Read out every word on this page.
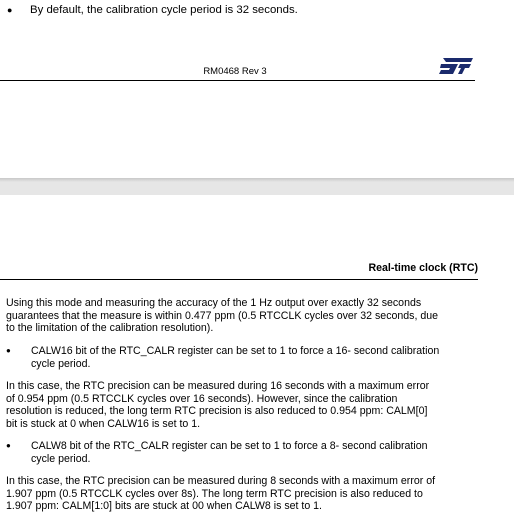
● By default, the calibration cycle period is 32 seconds.
RM0468 Rev 3
Real-time clock (RTC)
Using this mode and measuring the accuracy of the 1 Hz output over exactly 32 seconds
guarantees that the measure is within 0.477 ppm (0.5 RTCCLK cycles over 32 seconds, due
to the limitation of the calibration resolution).
● CALW16 bit of the RTC_CALR register can be set to 1 to force a 16- second calibration
cycle period.
In this case, the RTC precision can be measured during 16 seconds with a maximum error
of 0.954 ppm (0.5 RTCCLK cycles over 16 seconds). However, since the calibration
resolution is reduced, the long term RTC precision is also reduced to 0.954 ppm: CALM[0]
bit is stuck at 0 when CALW16 is set to 1.
● CALW8 bit of the RTC_CALR register can be set to 1 to force a 8- second calibration
cycle period.
In this case, the RTC precision can be measured during 8 seconds with a maximum error of
1.907 ppm (0.5 RTCCLK cycles over 8s). The long term RTC precision is also reduced to
1.907 ppm: CALM[1:0] bits are stuck at 00 when CALW8 is set to 1.
